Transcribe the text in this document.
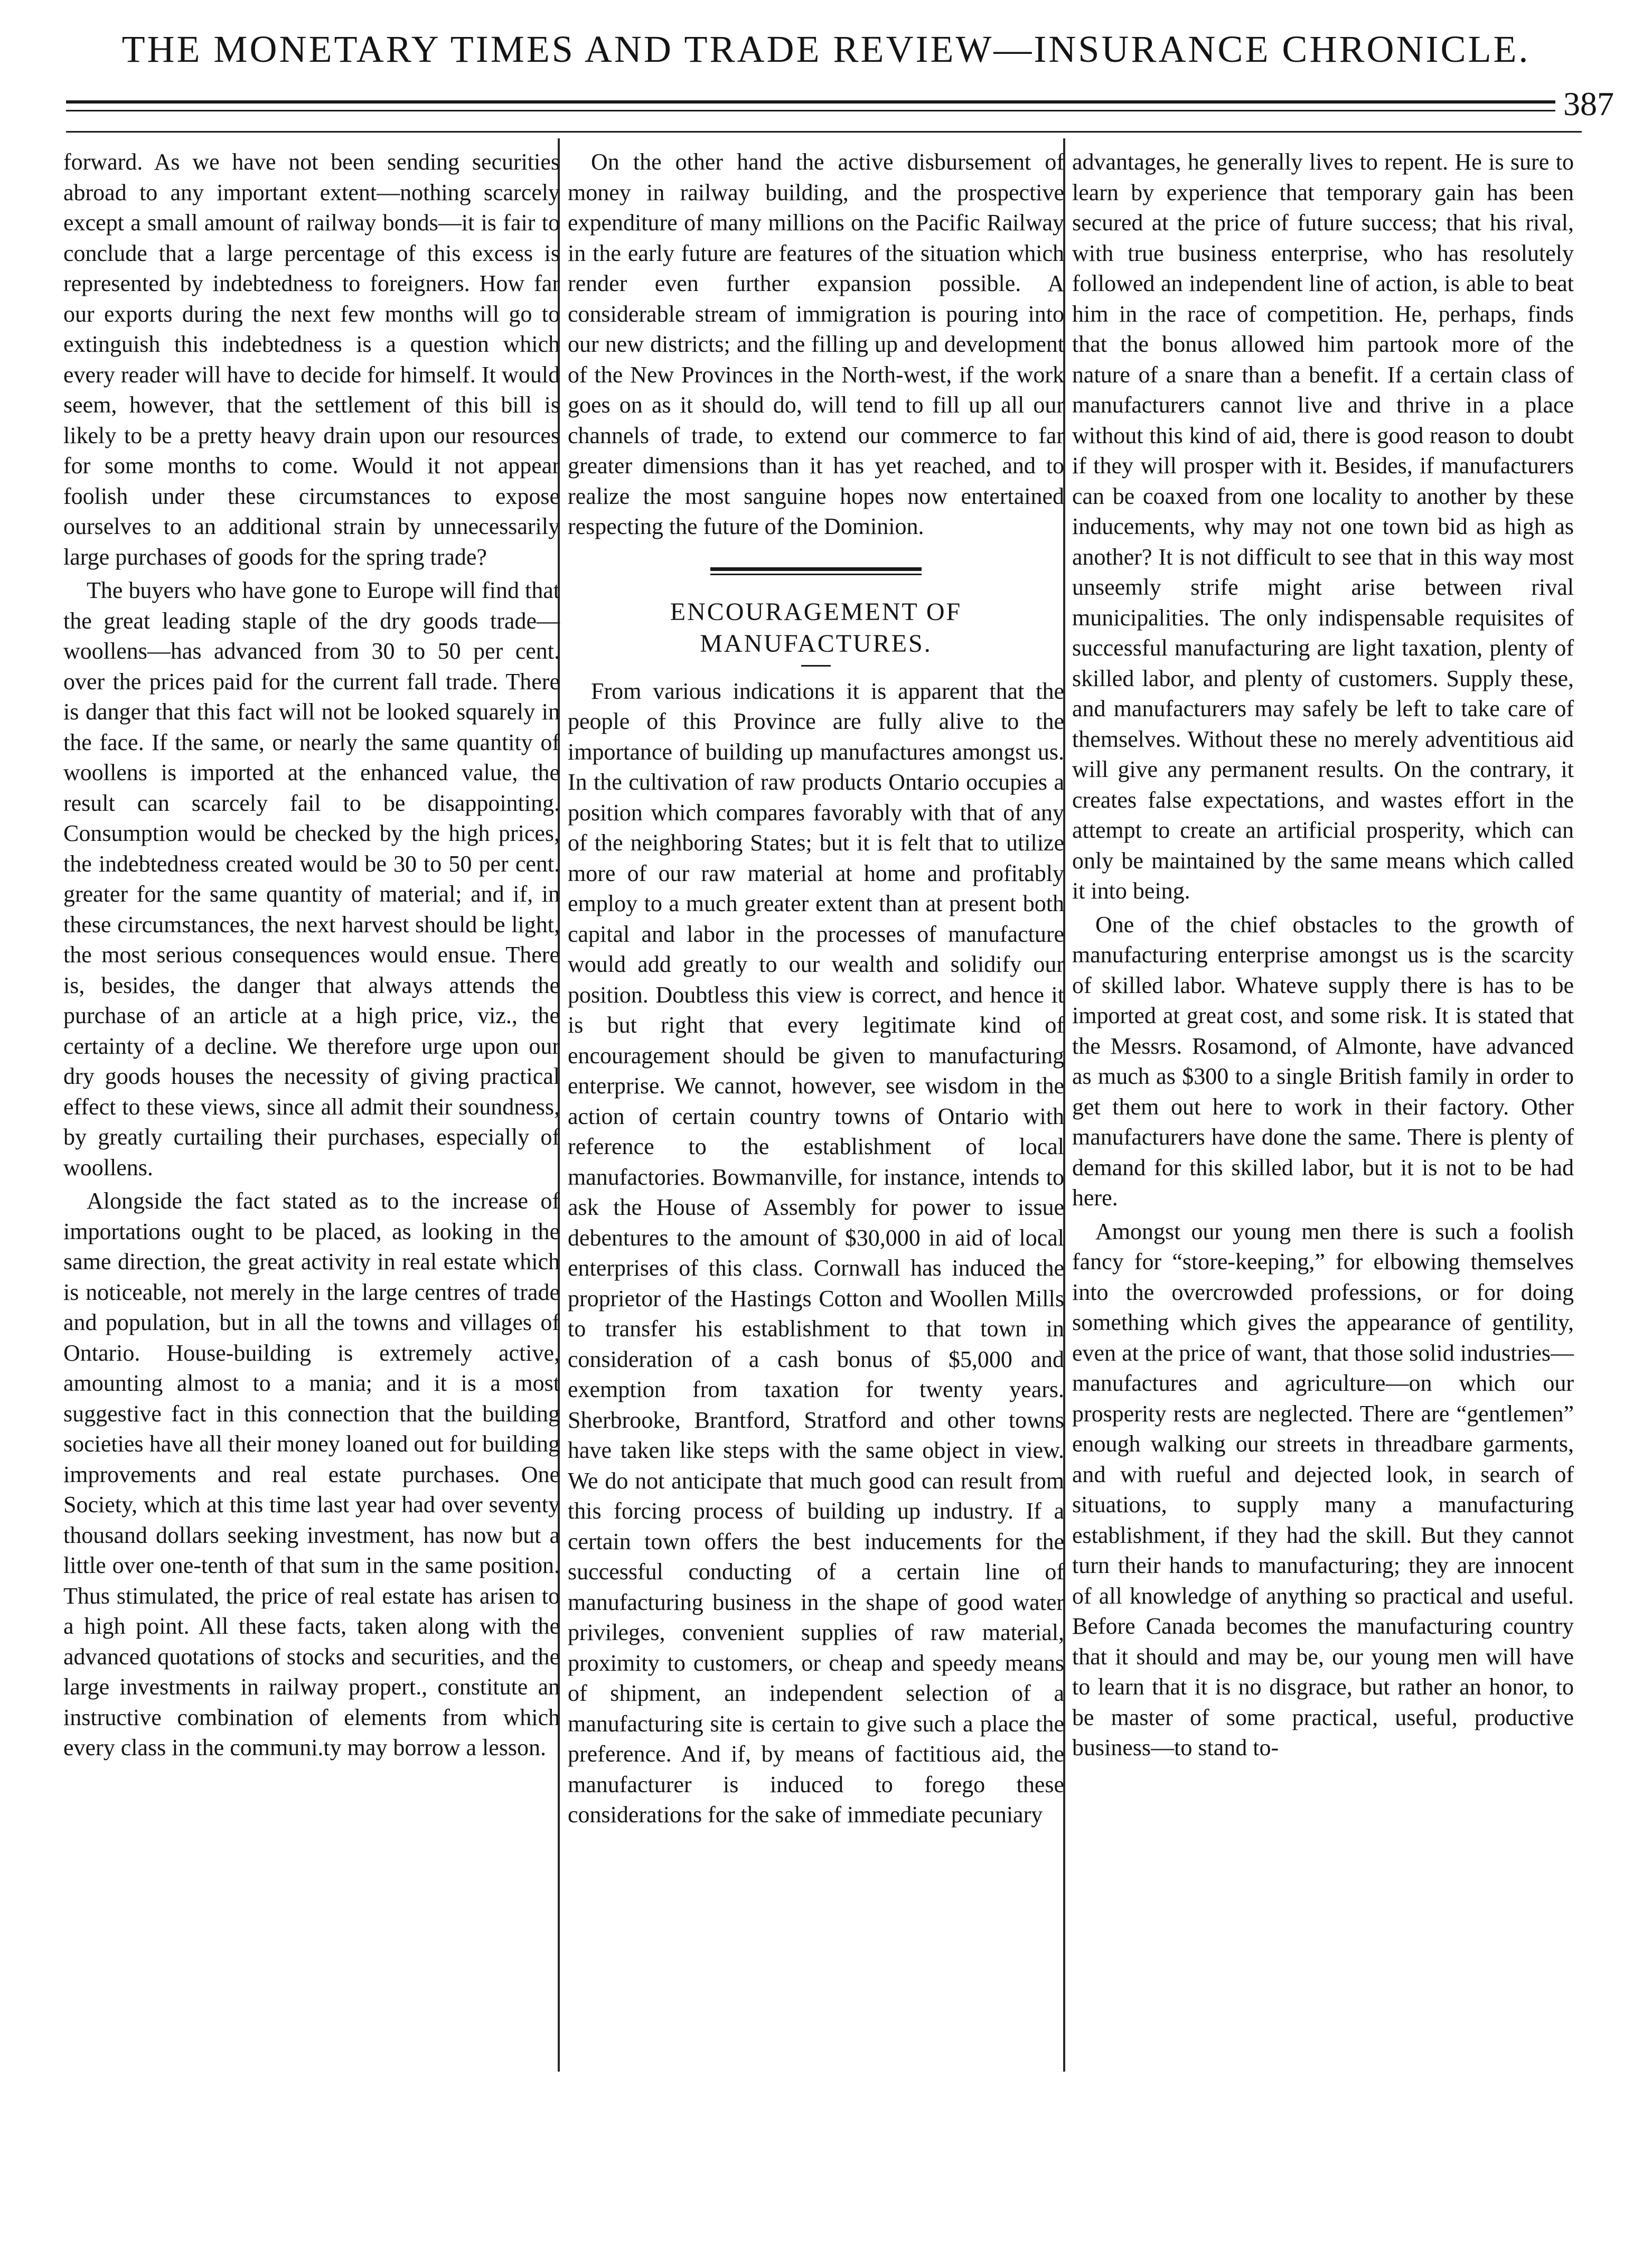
THE MONETARY TIMES AND TRADE REVIEW—INSURANCE CHRONICLE.
387

forward. As we have not been sending securities abroad to any important extent—nothing scarcely except a small amount of railway bonds—it is fair to conclude that a large percentage of this excess is represented by indebtedness to foreigners. How far our exports during the next few months will go to extinguish this indebtedness is a question which every reader will have to decide for himself. It would seem, however, that the settlement of this bill is likely to be a pretty heavy drain upon our resources for some months to come. Would it not appear foolish under these circumstances to expose ourselves to an additional strain by unnecessarily large purchases of goods for the spring trade?

The buyers who have gone to Europe will find that the great leading staple of the dry goods trade—woollens—has advanced from 30 to 50 per cent. over the prices paid for the current fall trade. There is danger that this fact will not be looked squarely in the face. If the same, or nearly the same quantity of woollens is imported at the enhanced value, the result can scarcely fail to be disappointing. Consumption would be checked by the high prices, the indebtedness created would be 30 to 50 per cent. greater for the same quantity of material; and if, in these circumstances, the next harvest should be light, the most serious consequences would ensue. There is, besides, the danger that always attends the purchase of an article at a high price, viz., the certainty of a decline. We therefore urge upon our dry goods houses the necessity of giving practical effect to these views, since all admit their soundness, by greatly curtailing their purchases, especially of woollens.

Alongside the fact stated as to the increase of importations ought to be placed, as looking in the same direction, the great activity in real estate which is noticeable, not merely in the large centres of trade and population, but in all the towns and villages of Ontario. House-building is extremely active, amounting almost to a mania; and it is a most suggestive fact in this connection that the building societies have all their money loaned out for building improvements and real estate purchases. One Society, which at this time last year had over seventy thousand dollars seeking investment, has now but a little over one-tenth of that sum in the same position. Thus stimulated, the price of real estate has arisen to a high point. All these facts, taken along with the advanced quotations of stocks and securities, and the large investments in railway propert., constitute an instructive combination of elements from which every class in the communi.ty may borrow a lesson.

On the other hand the active disbursement of money in railway building, and the prospective expenditure of many millions on the Pacific Railway in the early future are features of the situation which render even further expansion possible. A considerable stream of immigration is pouring into our new districts; and the filling up and development of the New Provinces in the North-west, if the work goes on as it should do, will tend to fill up all our channels of trade, to extend our commerce to far greater dimensions than it has yet reached, and to realize the most sanguine hopes now entertained respecting the future of the Dominion.

ENCOURAGEMENT OF MANUFACTURES.

From various indications it is apparent that the people of this Province are fully alive to the importance of building up manufactures amongst us. In the cultivation of raw products Ontario occupies a position which compares favorably with that of any of the neighboring States; but it is felt that to utilize more of our raw material at home and profitably employ to a much greater extent than at present both capital and labor in the processes of manufacture would add greatly to our wealth and solidify our position. Doubtless this view is correct, and hence it is but right that every legitimate kind of encouragement should be given to manufacturing enterprise. We cannot, however, see wisdom in the action of certain country towns of Ontario with reference to the establishment of local manufactories. Bowmanville, for instance, intends to ask the House of Assembly for power to issue debentures to the amount of $30,000 in aid of local enterprises of this class. Cornwall has induced the proprietor of the Hastings Cotton and Woollen Mills to transfer his establishment to that town in consideration of a cash bonus of $5,000 and exemption from taxation for twenty years. Sherbrooke, Brantford, Stratford and other towns have taken like steps with the same object in view. We do not anticipate that much good can result from this forcing process of building up industry. If a certain town offers the best inducements for the successful conducting of a certain line of manufacturing business in the shape of good water privileges, convenient supplies of raw material, proximity to customers, or cheap and speedy means of shipment, an independent selection of a manufacturing site is certain to give such a place the preference. And if, by means of factitious aid, the manufacturer is induced to forego these considerations for the sake of immediate pecuniary

advantages, he generally lives to repent. He is sure to learn by experience that temporary gain has been secured at the price of future success; that his rival, with true business enterprise, who has resolutely followed an independent line of action, is able to beat him in the race of competition. He, perhaps, finds that the bonus allowed him partook more of the nature of a snare than a benefit. If a certain class of manufacturers cannot live and thrive in a place without this kind of aid, there is good reason to doubt if they will prosper with it. Besides, if manufacturers can be coaxed from one locality to another by these inducements, why may not one town bid as high as another? It is not difficult to see that in this way most unseemly strife might arise between rival municipalities. The only indispensable requisites of successful manufacturing are light taxation, plenty of skilled labor, and plenty of customers. Supply these, and manufacturers may safely be left to take care of themselves. Without these no merely adventitious aid will give any permanent results. On the contrary, it creates false expectations, and wastes effort in the attempt to create an artificial prosperity, which can only be maintained by the same means which called it into being.

One of the chief obstacles to the growth of manufacturing enterprise amongst us is the scarcity of skilled labor. Whateve supply there is has to be imported at great cost, and some risk. It is stated that the Messrs. Rosamond, of Almonte, have advanced as much as $300 to a single British family in order to get them out here to work in their factory. Other manufacturers have done the same. There is plenty of demand for this skilled labor, but it is not to be had here.

Amongst our young men there is such a foolish fancy for “store-keeping,” for elbowing themselves into the overcrowded professions, or for doing something which gives the appearance of gentility, even at the price of want, that those solid industries—manufactures and agriculture—on which our prosperity rests are neglected. There are “gentlemen” enough walking our streets in threadbare garments, and with rueful and dejected look, in search of situations, to supply many a manufacturing establishment, if they had the skill. But they cannot turn their hands to manufacturing; they are innocent of all knowledge of anything so practical and useful. Before Canada becomes the manufacturing country that it should and may be, our young men will have to learn that it is no disgrace, but rather an honor, to be master of some practical, useful, productive business—to stand to-
